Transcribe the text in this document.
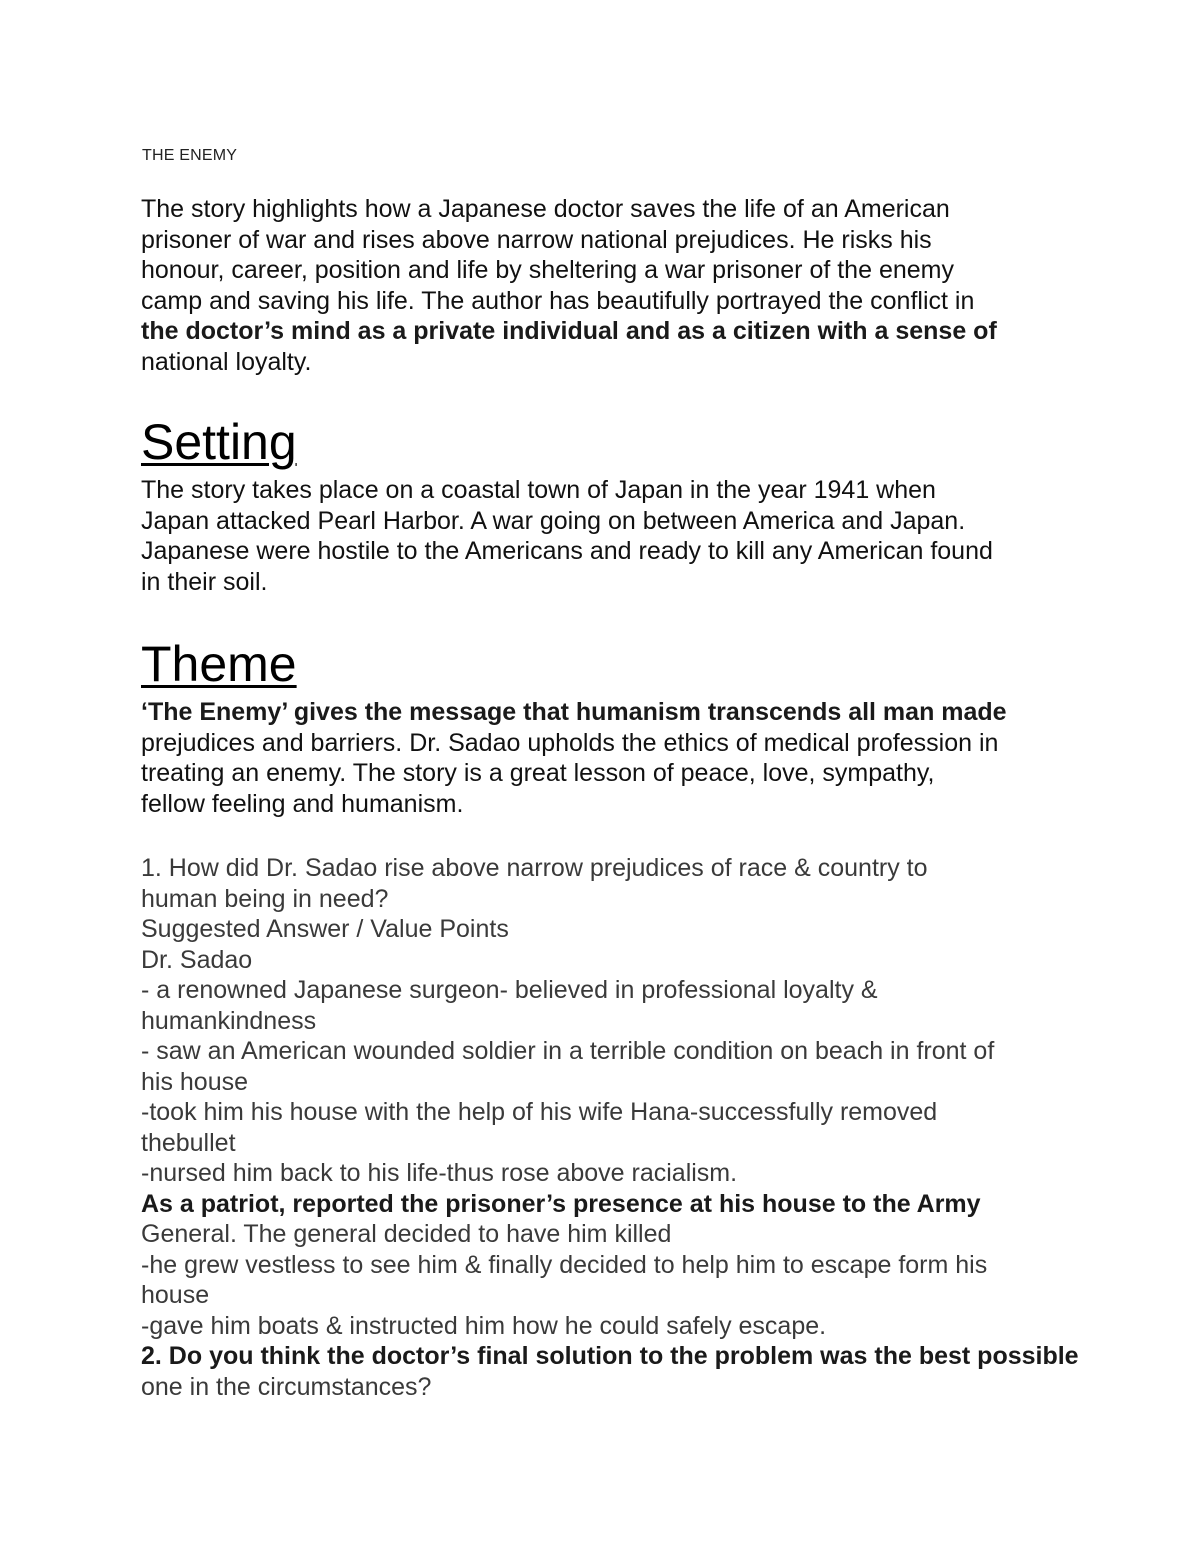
THE ENEMY

The story highlights how a Japanese doctor saves the life of an American
prisoner of war and rises above narrow national prejudices. He risks his
honour, career, position and life by sheltering a war prisoner of the enemy
camp and saving his life. The author has beautifully portrayed the conflict in
the doctor’s mind as a private individual and as a citizen with a sense of
national loyalty.

Setting

The story takes place on a coastal town of Japan in the year 1941 when
Japan attacked Pearl Harbor. A war going on between America and Japan.
Japanese were hostile to the Americans and ready to kill any American found
in their soil.

Theme

‘The Enemy’ gives the message that humanism transcends all man made
prejudices and barriers. Dr. Sadao upholds the ethics of medical profession in
treating an enemy. The story is a great lesson of peace, love, sympathy,
fellow feeling and humanism.

1. How did Dr. Sadao rise above narrow prejudices of race & country to
human being in need?
Suggested Answer / Value Points
Dr. Sadao
- a renowned Japanese surgeon- believed in professional loyalty &
humankindness
- saw an American wounded soldier in a terrible condition on beach in front of
his house
-took him his house with the help of his wife Hana-successfully removed
thebullet
-nursed him back to his life-thus rose above racialism.
As a patriot, reported the prisoner’s presence at his house to the Army
General. The general decided to have him killed
-he grew vestless to see him & finally decided to help him to escape form his
house
-gave him boats & instructed him how he could safely escape.
2. Do you think the doctor’s final solution to the problem was the best possible
one in the circumstances?
